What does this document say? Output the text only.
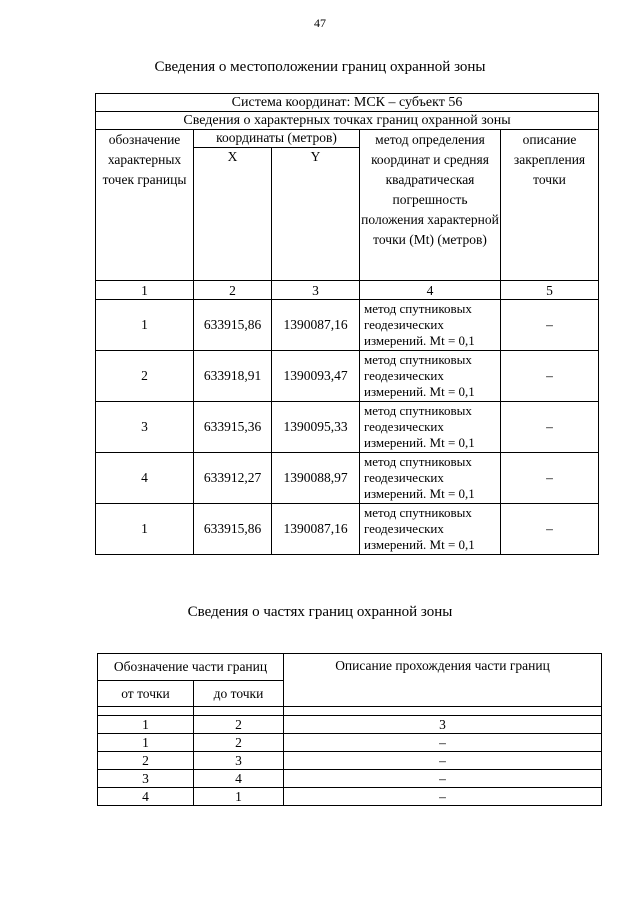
47
Сведения о местоположении границ охранной зоны
Система координат: МСК – субъект 56				
Сведения о характерных точках границ охранной зоны				
обозначение характерных точек границы	координаты (метров)		метод определения координат и средняя квадратическая погрешность положения характерной точки (Mt) (метров)	описание закрепления точки
	X	Y		
1	2	3	4	5
1	633915,86	1390087,16	метод спутниковых геодезических измерений. Mt = 0,1	–
2	633918,91	1390093,47	метод спутниковых геодезических измерений. Mt = 0,1	–
3	633915,36	1390095,33	метод спутниковых геодезических измерений. Mt = 0,1	–
4	633912,27	1390088,97	метод спутниковых геодезических измерений. Mt = 0,1	–
1	633915,86	1390087,16	метод спутниковых геодезических измерений. Mt = 0,1	–
Сведения о частях границ охранной зоны
Обозначение части границ		Описание прохождения части границ
от точки	до точки	

1	2	3
1	2	–
2	3	–
3	4	–
4	1	–
